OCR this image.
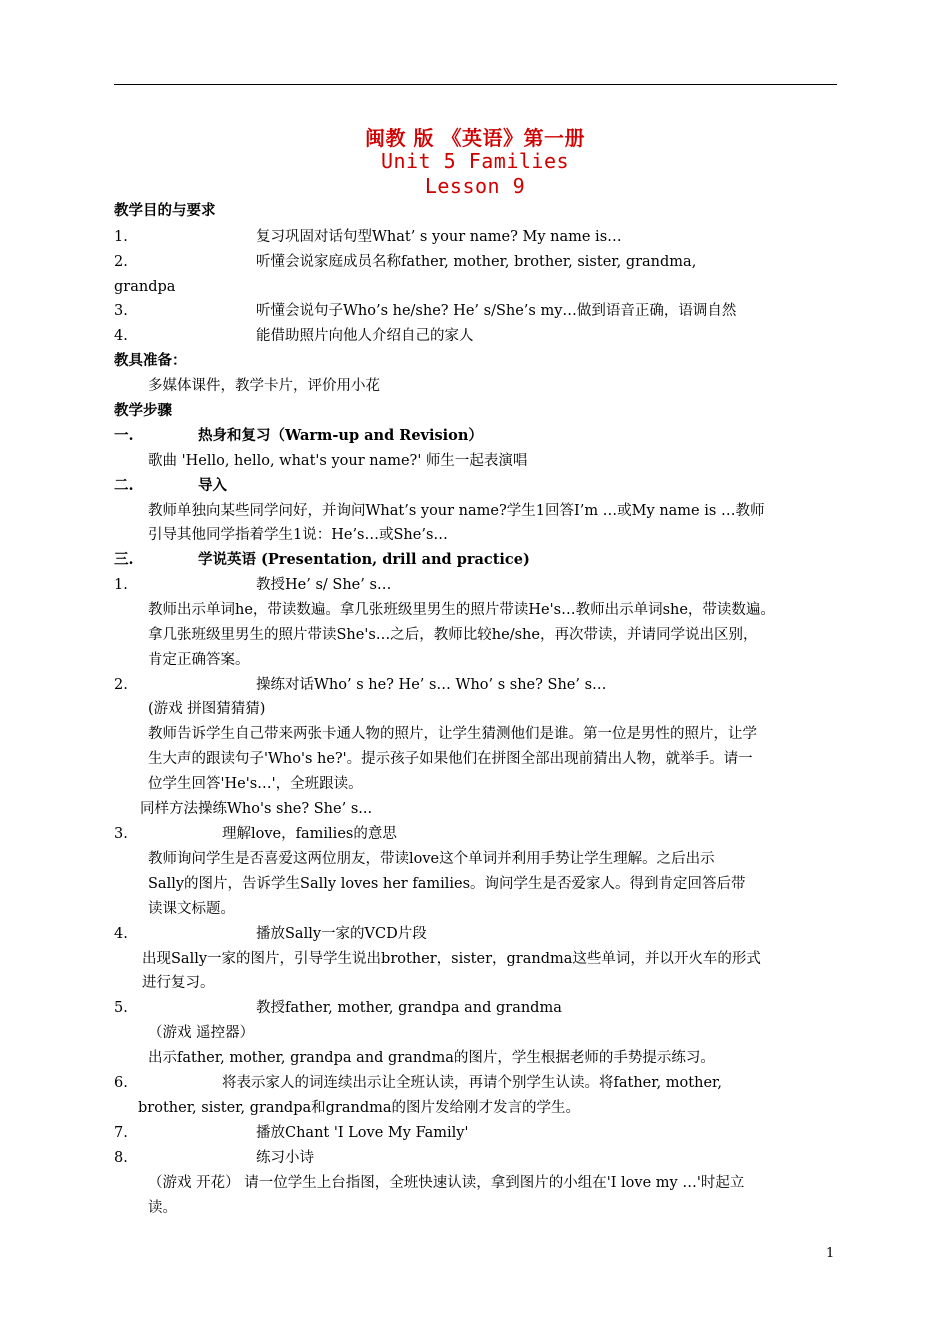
闽教 版 《英语》第一册
Unit 5 Families
Lesson 9
教学目的与要求
1.	复习巩固对话句型What’ s your name? My name is…
2.	听懂会说家庭成员名称father, mother, brother, sister, grandma,
grandpa
3.	听懂会说句子Who’s he/she? He’ s/She’s my…做到语音正确，语调自然
4.	能借助照片向他人介绍自己的家人
教具准备：
多媒体课件，教学卡片，评价用小花
教学步骤
一.	热身和复习（Warm-up and Revision）
歌曲 'Hello, hello, what's your name?' 师生一起表演唱
二.	导入
教师单独向某些同学问好，并询问What’s your name?学生1回答I’m …或My name is …教师
引导其他同学指着学生1说：He’s…或She’s…
三.	学说英语 (Presentation, drill and practice)
1.	教授He’ s/ She’ s…
教师出示单词he，带读数遍。拿几张班级里男生的照片带读He's…教师出示单词she，带读数遍。
拿几张班级里男生的照片带读She's…之后，教师比较he/she，再次带读，并请同学说出区别，
肯定正确答案。
2.	操练对话Who’ s he? He’ s… Who’ s she? She’ s…
(游戏 拼图猜猜猜)
教师告诉学生自己带来两张卡通人物的照片，让学生猜测他们是谁。第一位是男性的照片，让学
生大声的跟读句子'Who's he?'。提示孩子如果他们在拼图全部出现前猜出人物，就举手。请一
位学生回答'He's…'，全班跟读。
同样方法操练Who's she? She’ s...
3.	理解love，families的意思
教师询问学生是否喜爱这两位朋友，带读love这个单词并利用手势让学生理解。之后出示
Sally的图片，告诉学生Sally loves her families。询问学生是否爱家人。得到肯定回答后带
读课文标题。
4.	播放Sally一家的VCD片段
出现Sally一家的图片，引导学生说出brother，sister，grandma这些单词，并以开火车的形式
进行复习。
5.	教授father, mother, grandpa and grandma
（游戏 遥控器）
出示father, mother, grandpa and grandma的图片，学生根据老师的手势提示练习。
6.	将表示家人的词连续出示让全班认读，再请个别学生认读。将father, mother,
brother, sister, grandpa和grandma的图片发给刚才发言的学生。
7.	播放Chant 'I Love My Family'
8.	练习小诗
（游戏 开花） 请一位学生上台指图，全班快速认读，拿到图片的小组在'I love my …'时起立
读。
1
